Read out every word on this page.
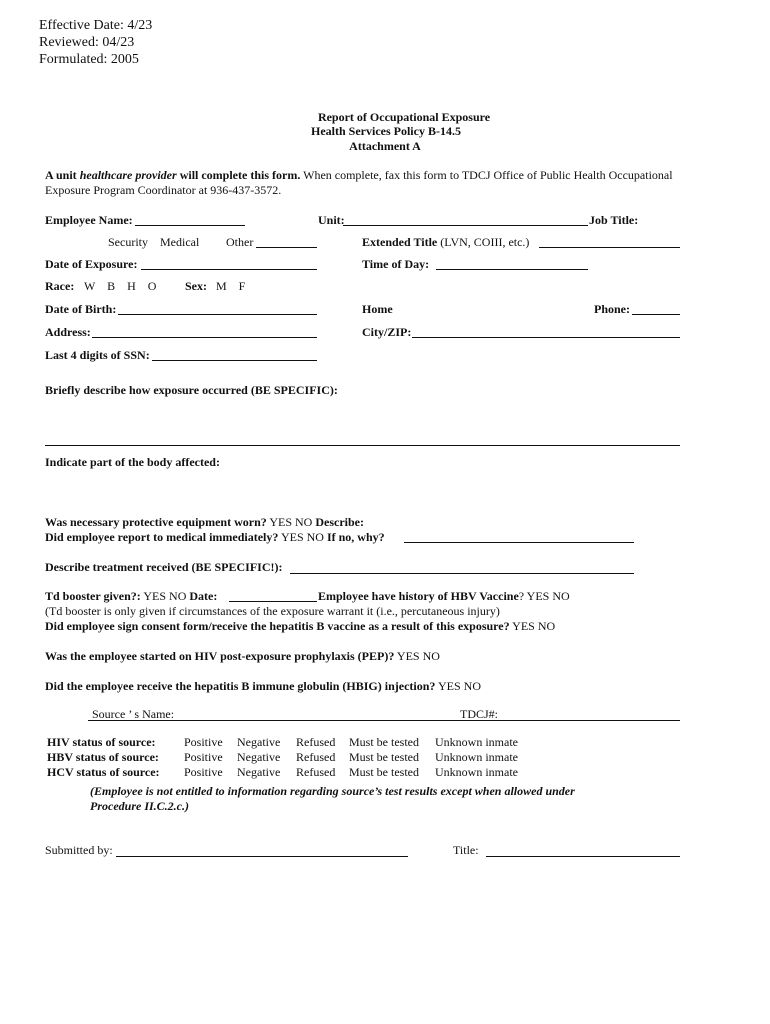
Effective Date: 4/23
Reviewed: 04/23
Formulated: 2005
Report of Occupational Exposure
Health Services Policy B-14.5
Attachment A
A unit healthcare provider will complete this form. When complete, fax this form to TDCJ Office of Public Health Occupational
Exposure Program Coordinator at 936-437-3572.
Employee Name:	Unit:	Job Title:
Security Medical Other	Extended Title (LVN, COIII, etc.)
Date of Exposure:	Time of Day:
Race: W    B    H    O Sex: M    F
Date of Birth:	Home	Phone:
Address:	City/ZIP:
Last 4 digits of SSN:
Briefly describe how exposure occurred (BE SPECIFIC):
Indicate part of the body affected:
Was necessary protective equipment worn? YES NO Describe:
Did employee report to medical immediately? YES NO If no, why?
Describe treatment received (BE SPECIFIC!):
Td booster given?: YES NO Date:	Employee have history of HBV Vaccine? YES NO
(Td booster is only given if circumstances of the exposure warrant it (i.e., percutaneous injury)
Did employee sign consent form/receive the hepatitis B vaccine as a result of this exposure? YES NO
Was the employee started on HIV post-exposure prophylaxis (PEP)? YES NO
Did the employee receive the hepatitis B immune globulin (HBIG) injection? YES NO
Source ’ s Name:	TDCJ#:
HIV status of source: Positive Negative Refused Must be tested Unknown inmate
HBV status of source: Positive Negative Refused Must be tested Unknown inmate
HCV status of source: Positive Negative Refused Must be tested Unknown inmate
(Employee is not entitled to information regarding source’s test results except when allowed under
Procedure II.C.2.c.)
Submitted by:	Title:
